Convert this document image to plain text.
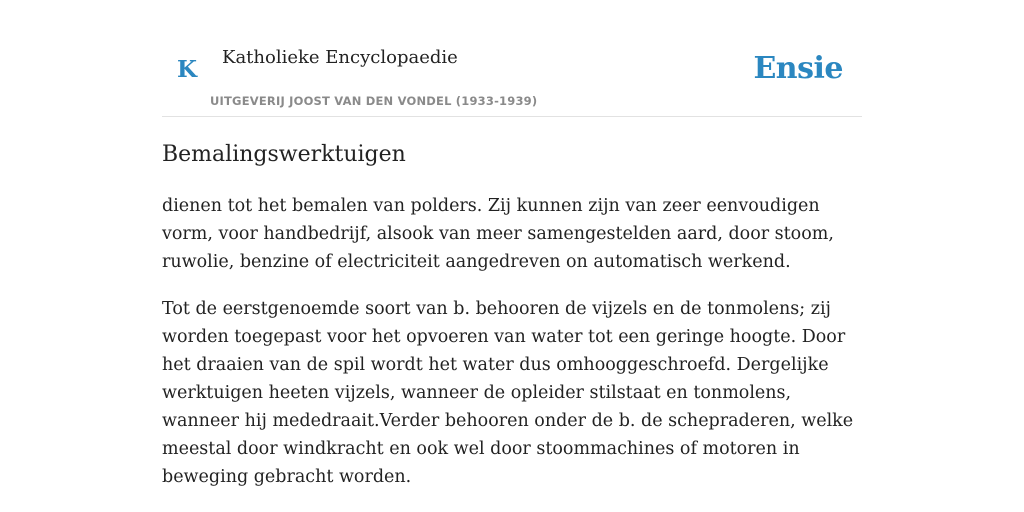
K Katholieke Encyclopaedie
UITGEVERIJ JOOST VAN DEN VONDEL (1933-1939)
Ensie
Bemalingswerktuigen

dienen tot het bemalen van polders. Zij kunnen zijn van zeer eenvoudigen vorm, voor handbedrijf, alsook van meer samengestelden aard, door stoom, ruwolie, benzine of electriciteit aangedreven on automatisch werkend.

Tot de eerstgenoemde soort van b. behooren de vijzels en de tonmolens; zij worden toegepast voor het opvoeren van water tot een geringe hoogte. Door het draaien van de spil wordt het water dus omhooggeschroefd. Dergelijke werktuigen heeten vijzels, wanneer de opleider stilstaat en tonmolens, wanneer hij mededraait.Verder behooren onder de b. de schepraderen, welke meestal door windkracht en ook wel door stoommachines of motoren in beweging gebracht worden.
